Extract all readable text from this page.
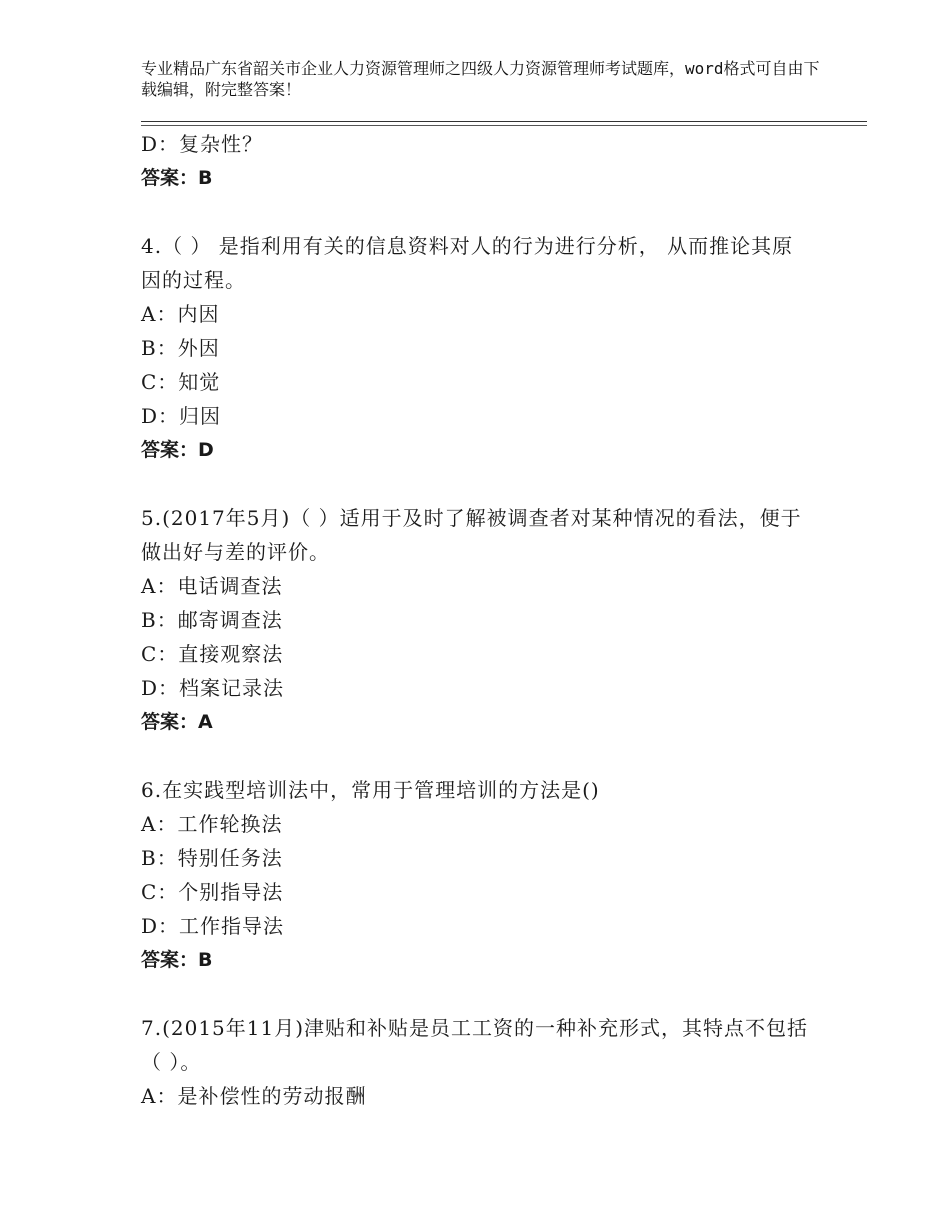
专业精品广东省韶关市企业人力资源管理师之四级人力资源管理师考试题库，word格式可自由下载编辑，附完整答案！
D：复杂性？
答案：B
4.（ ） 是指利用有关的信息资料对人的行为进行分析， 从而推论其原因的过程。
A：内因
B：外因
C：知觉
D：归因
答案：D
5.(2017年5月)（ ）适用于及时了解被调查者对某种情况的看法，便于做出好与差的评价。
A：电话调查法
B：邮寄调查法
C：直接观察法
D：档案记录法
答案：A
6.在实践型培训法中，常用于管理培训的方法是()
A：工作轮换法
B：特别任务法
C：个别指导法
D：工作指导法
答案：B
7.(2015年11月)津贴和补贴是员工工资的一种补充形式，其特点不包括（ ）。
A：是补偿性的劳动报酬
